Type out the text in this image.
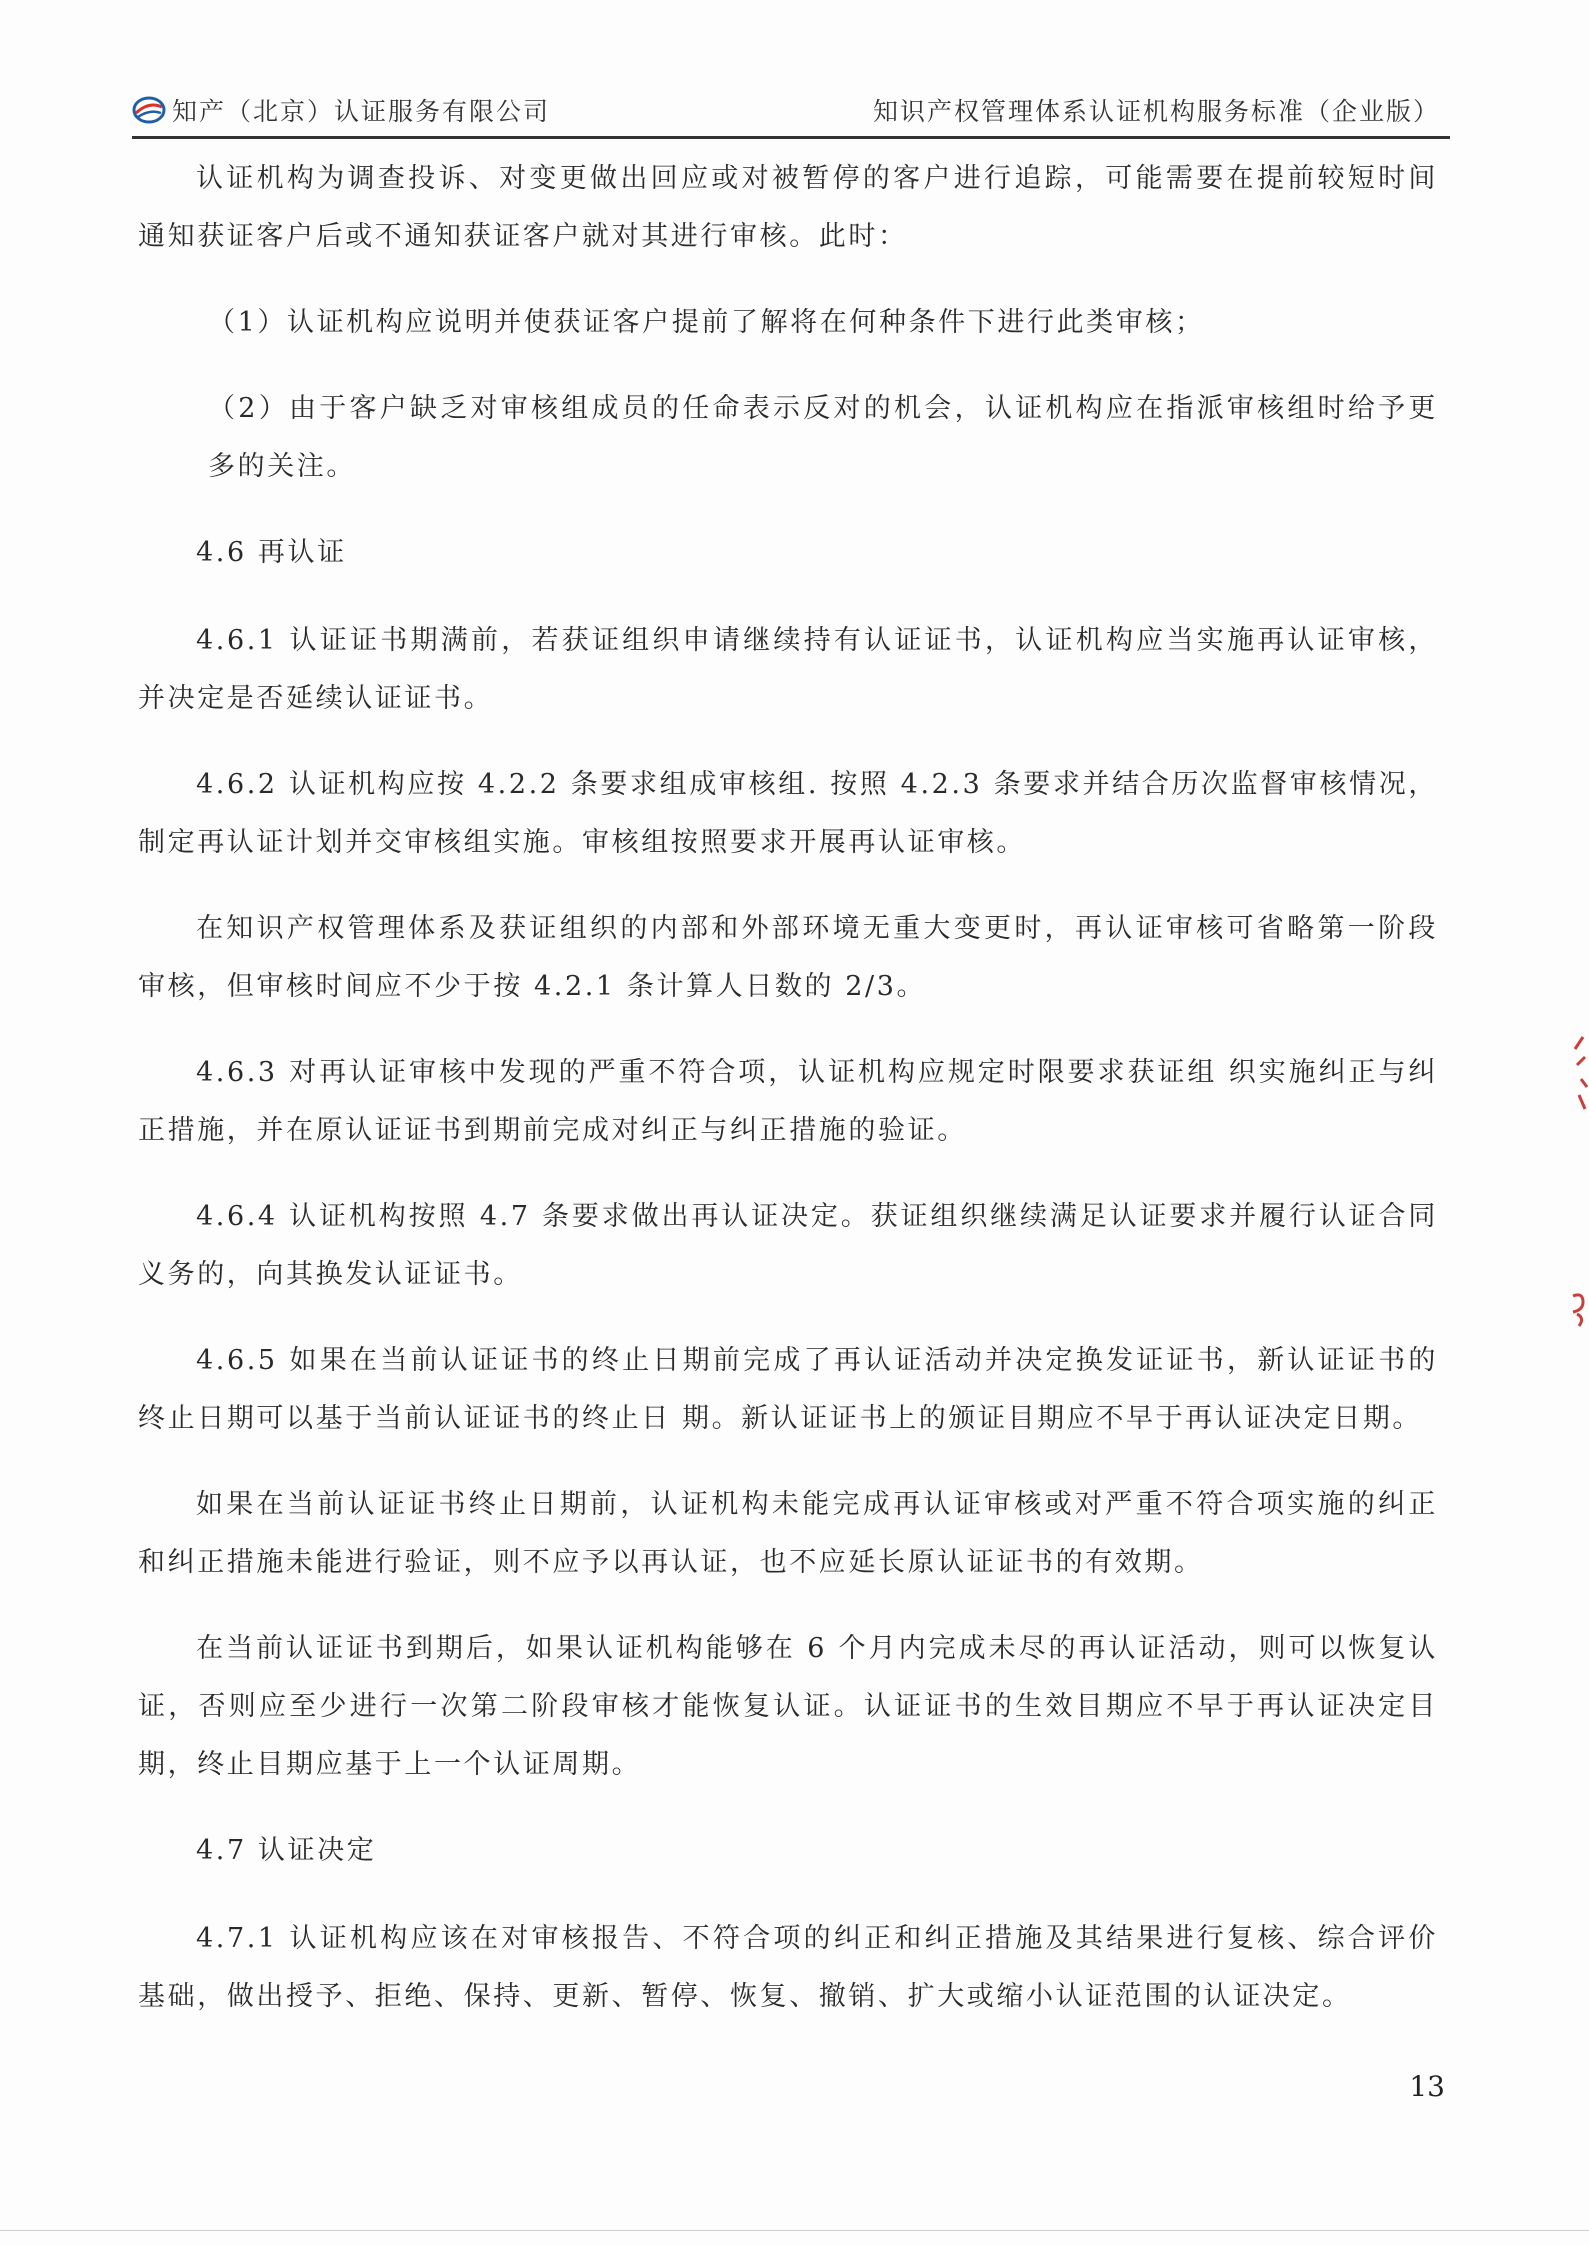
知产（北京）认证服务有限公司	知识产权管理体系认证机构服务标准（企业版）

认证机构为调查投诉、对变更做出回应或对被暂停的客户进行追踪，可能需要在提前较短时间通知获证客户后或不通知获证客户就对其进行审核。此时：

（1）认证机构应说明并使获证客户提前了解将在何种条件下进行此类审核；

（2）由于客户缺乏对审核组成员的任命表示反对的机会，认证机构应在指派审核组时给予更多的关注。

4.6 再认证

4.6.1 认证证书期满前，若获证组织申请继续持有认证证书，认证机构应当实施再认证审核，并决定是否延续认证证书。

4.6.2 认证机构应按 4.2.2 条要求组成审核组. 按照 4.2.3 条要求并结合历次监督审核情况，制定再认证计划并交审核组实施。审核组按照要求开展再认证审核。

在知识产权管理体系及获证组织的内部和外部环境无重大变更时，再认证审核可省略第一阶段审核，但审核时间应不少于按 4.2.1 条计算人日数的 2/3。

4.6.3 对再认证审核中发现的严重不符合项，认证机构应规定时限要求获证组 织实施纠正与纠正措施，并在原认证证书到期前完成对纠正与纠正措施的验证。

4.6.4 认证机构按照 4.7 条要求做出再认证决定。获证组织继续满足认证要求并履行认证合同义务的，向其换发认证证书。

4.6.5 如果在当前认证证书的终止日期前完成了再认证活动并决定换发证证书，新认证证书的终止日期可以基于当前认证证书的终止日 期。新认证证书上的颁证目期应不早于再认证决定日期。

如果在当前认证证书终止日期前，认证机构未能完成再认证审核或对严重不符合项实施的纠正和纠正措施未能进行验证，则不应予以再认证，也不应延长原认证证书的有效期。

在当前认证证书到期后，如果认证机构能够在 6 个月内完成未尽的再认证活动，则可以恢复认证，否则应至少进行一次第二阶段审核才能恢复认证。认证证书的生效目期应不早于再认证决定目期，终止目期应基于上一个认证周期。

4.7 认证决定

4.7.1 认证机构应该在对审核报告、不符合项的纠正和纠正措施及其结果进行复核、综合评价基础，做出授予、拒绝、保持、更新、暂停、恢复、撤销、扩大或缩小认证范围的认证决定。

13
